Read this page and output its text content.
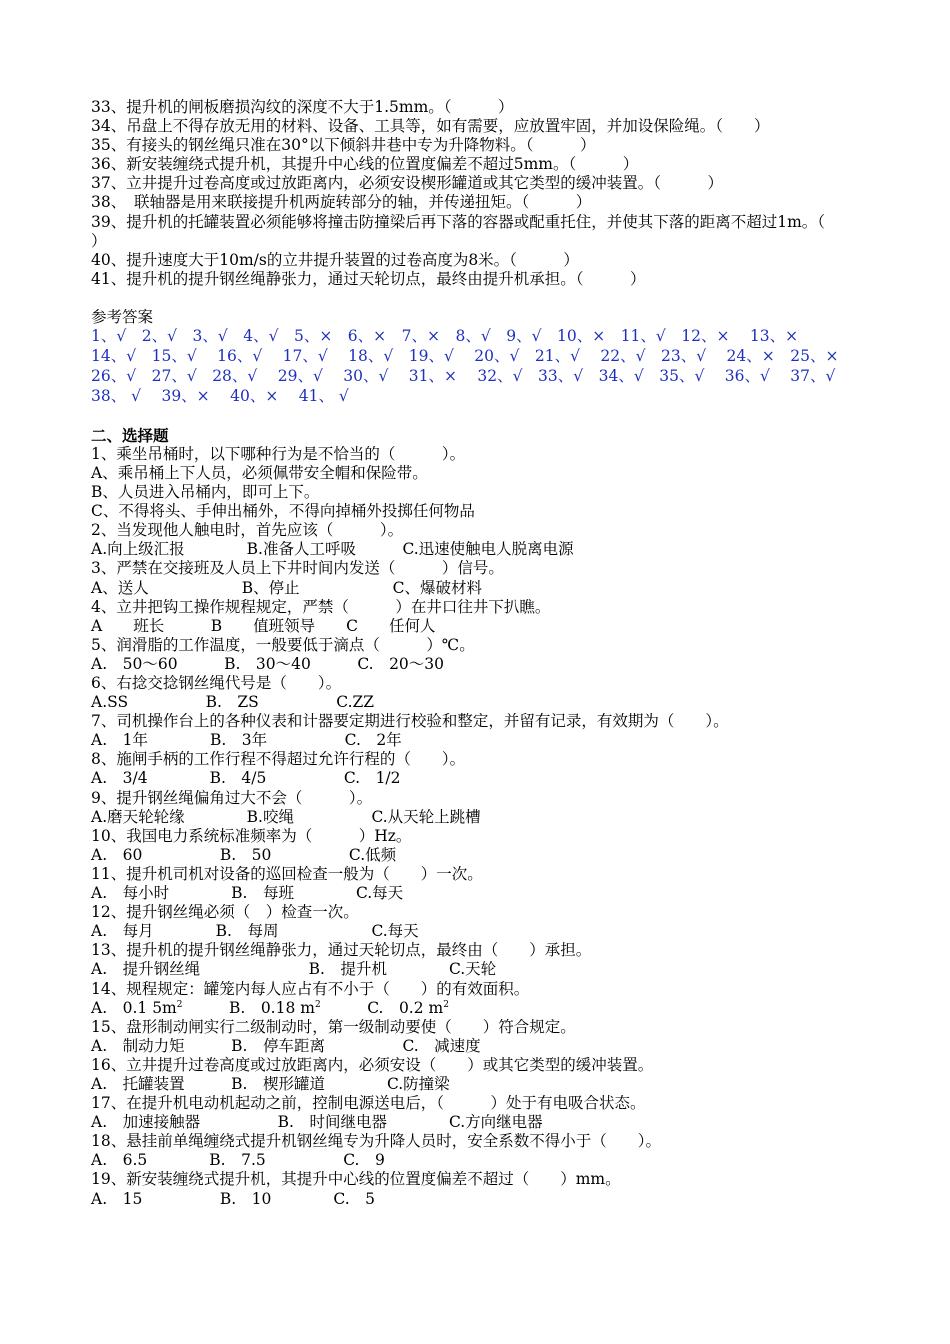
33、提升机的闸板磨损沟纹的深度不大于1.5mm。（　　　）
34、吊盘上不得存放无用的材料、设备、工具等，如有需要，应放置牢固，并加设保险绳。（　　）
35、有接头的钢丝绳只准在30°以下倾斜井巷中专为升降物料。（　　　）
36、新安装缠绕式提升机，其提升中心线的位置度偏差不超过5mm。（　　　）
37、立井提升过卷高度或过放距离内，必须安设楔形罐道或其它类型的缓冲装置。（　　　）
38、　联轴器是用来联接提升机两旋转部分的轴，并传递扭矩。（　　　）
39、提升机的托罐装置必须能够将撞击防撞梁后再下落的容器或配重托住，并使其下落的距离不超过1m。（　　　）
40、提升速度大于10m/s的立井提升装置的过卷高度为8米。（　　　）
41、提升机的提升钢丝绳静张力，通过天轮切点，最终由提升机承担。（　　　）
参考答案
1、√　2、√　3、√　4、√　5、×　6、×　7、×　8、√　9、√　10、×　11、√　12、×　 13、×
14、√　15、√　 16、√　 17、√　 18、√　19、√　 20、√　21、√　 22、√　23、√　 24、×　25、×
26、√　27、√　28、√　 29、√　 30、√　 31、×　 32、√　33、√　34、√　35、√　 36、√　 37、√
38、 √　 39、×　 40、×　 41、 √
二、选择题
1、乘坐吊桶时，以下哪种行为是不恰当的（　　　）。
A、乘吊桶上下人员，必须佩带安全帽和保险带。
B、人员进入吊桶内，即可上下。
C、不得将头、手伸出桶外，不得向掉桶外投掷任何物品
2、当发现他人触电时，首先应该（　　　）。
A.向上级汇报　　　　B.准备人工呼吸　　　C.迅速使触电人脱离电源
3、严禁在交接班及人员上下井时间内发送（　　　）信号。
A、送人　　　　　　B、停止　　　　　　C、爆破材料
4、立井把钩工操作规程规定，严禁（　　　）在井口往井下扒瞧。
A　　班长　　　B　　值班领导　　C　　任何人
5、润滑脂的工作温度，一般要低于滴点（　　　）℃。
A.　50～60　　　B.　30～40　　　C.　20～30
6、右捻交捻钢丝绳代号是（　　）。
A.SS　　　　　B.　ZS　　　　　C.ZZ
7、司机操作台上的各种仪表和计器要定期进行校验和整定，并留有记录，有效期为（　　）。
A.　1年　　　　B.　3年　　　　　C.　2年
8、施闸手柄的工作行程不得超过允许行程的（　　）。
A.　3/4　　　　B.　4/5　　　　　C.　1/2
9、提升钢丝绳偏角过大不会（　　　）。
A.磨天轮轮缘　　　　B.咬绳　　　　　C.从天轮上跳槽
10、我国电力系统标准频率为（　　　）Hz。
A.　60　　　　　B.　50　　　　　C.低频
11、提升机司机对设备的巡回检查一般为（　　）一次。
A.　每小时　　　　B.　每班　　　　C.每天
12、提升钢丝绳必须（　）检查一次。
A.　每月　　　　B.　每周　　　　　　C.每天
13、提升机的提升钢丝绳静张力，通过天轮切点，最终由（　　）承担。
A.　提升钢丝绳　　　　　　　B.　提升机　　　　C.天轮
14、规程规定：罐笼内每人应占有不小于（　　）的有效面积。
A.　0.1 $5m^2$　　　B.　0.18 $m^2$　　　C.　0.2 $m^2$
15、盘形制动闸实行二级制动时，第一级制动要使（　　）符合规定。
A.　制动力矩　　　B.　停车距离　　　　　C.　减速度
16、立井提升过卷高度或过放距离内，必须安设（　　）或其它类型的缓冲装置。
A.　托罐装置　　　B.　楔形罐道　　　　C.防撞梁
17、在提升机电动机起动之前，控制电源送电后，（　　　）处于有电吸合状态。
A.　加速接触器　　　　　B.　时间继电器　　　　C.方向继电器
18、悬挂前单绳缠绕式提升机钢丝绳专为升降人员时，安全系数不得小于（　　）。
A.　6.5　　　　B.　7.5　　　　　C.　9
19、新安装缠绕式提升机，其提升中心线的位置度偏差不超过（　　）mm。
A.　15　　　　　B.　10　　　　C.　5
